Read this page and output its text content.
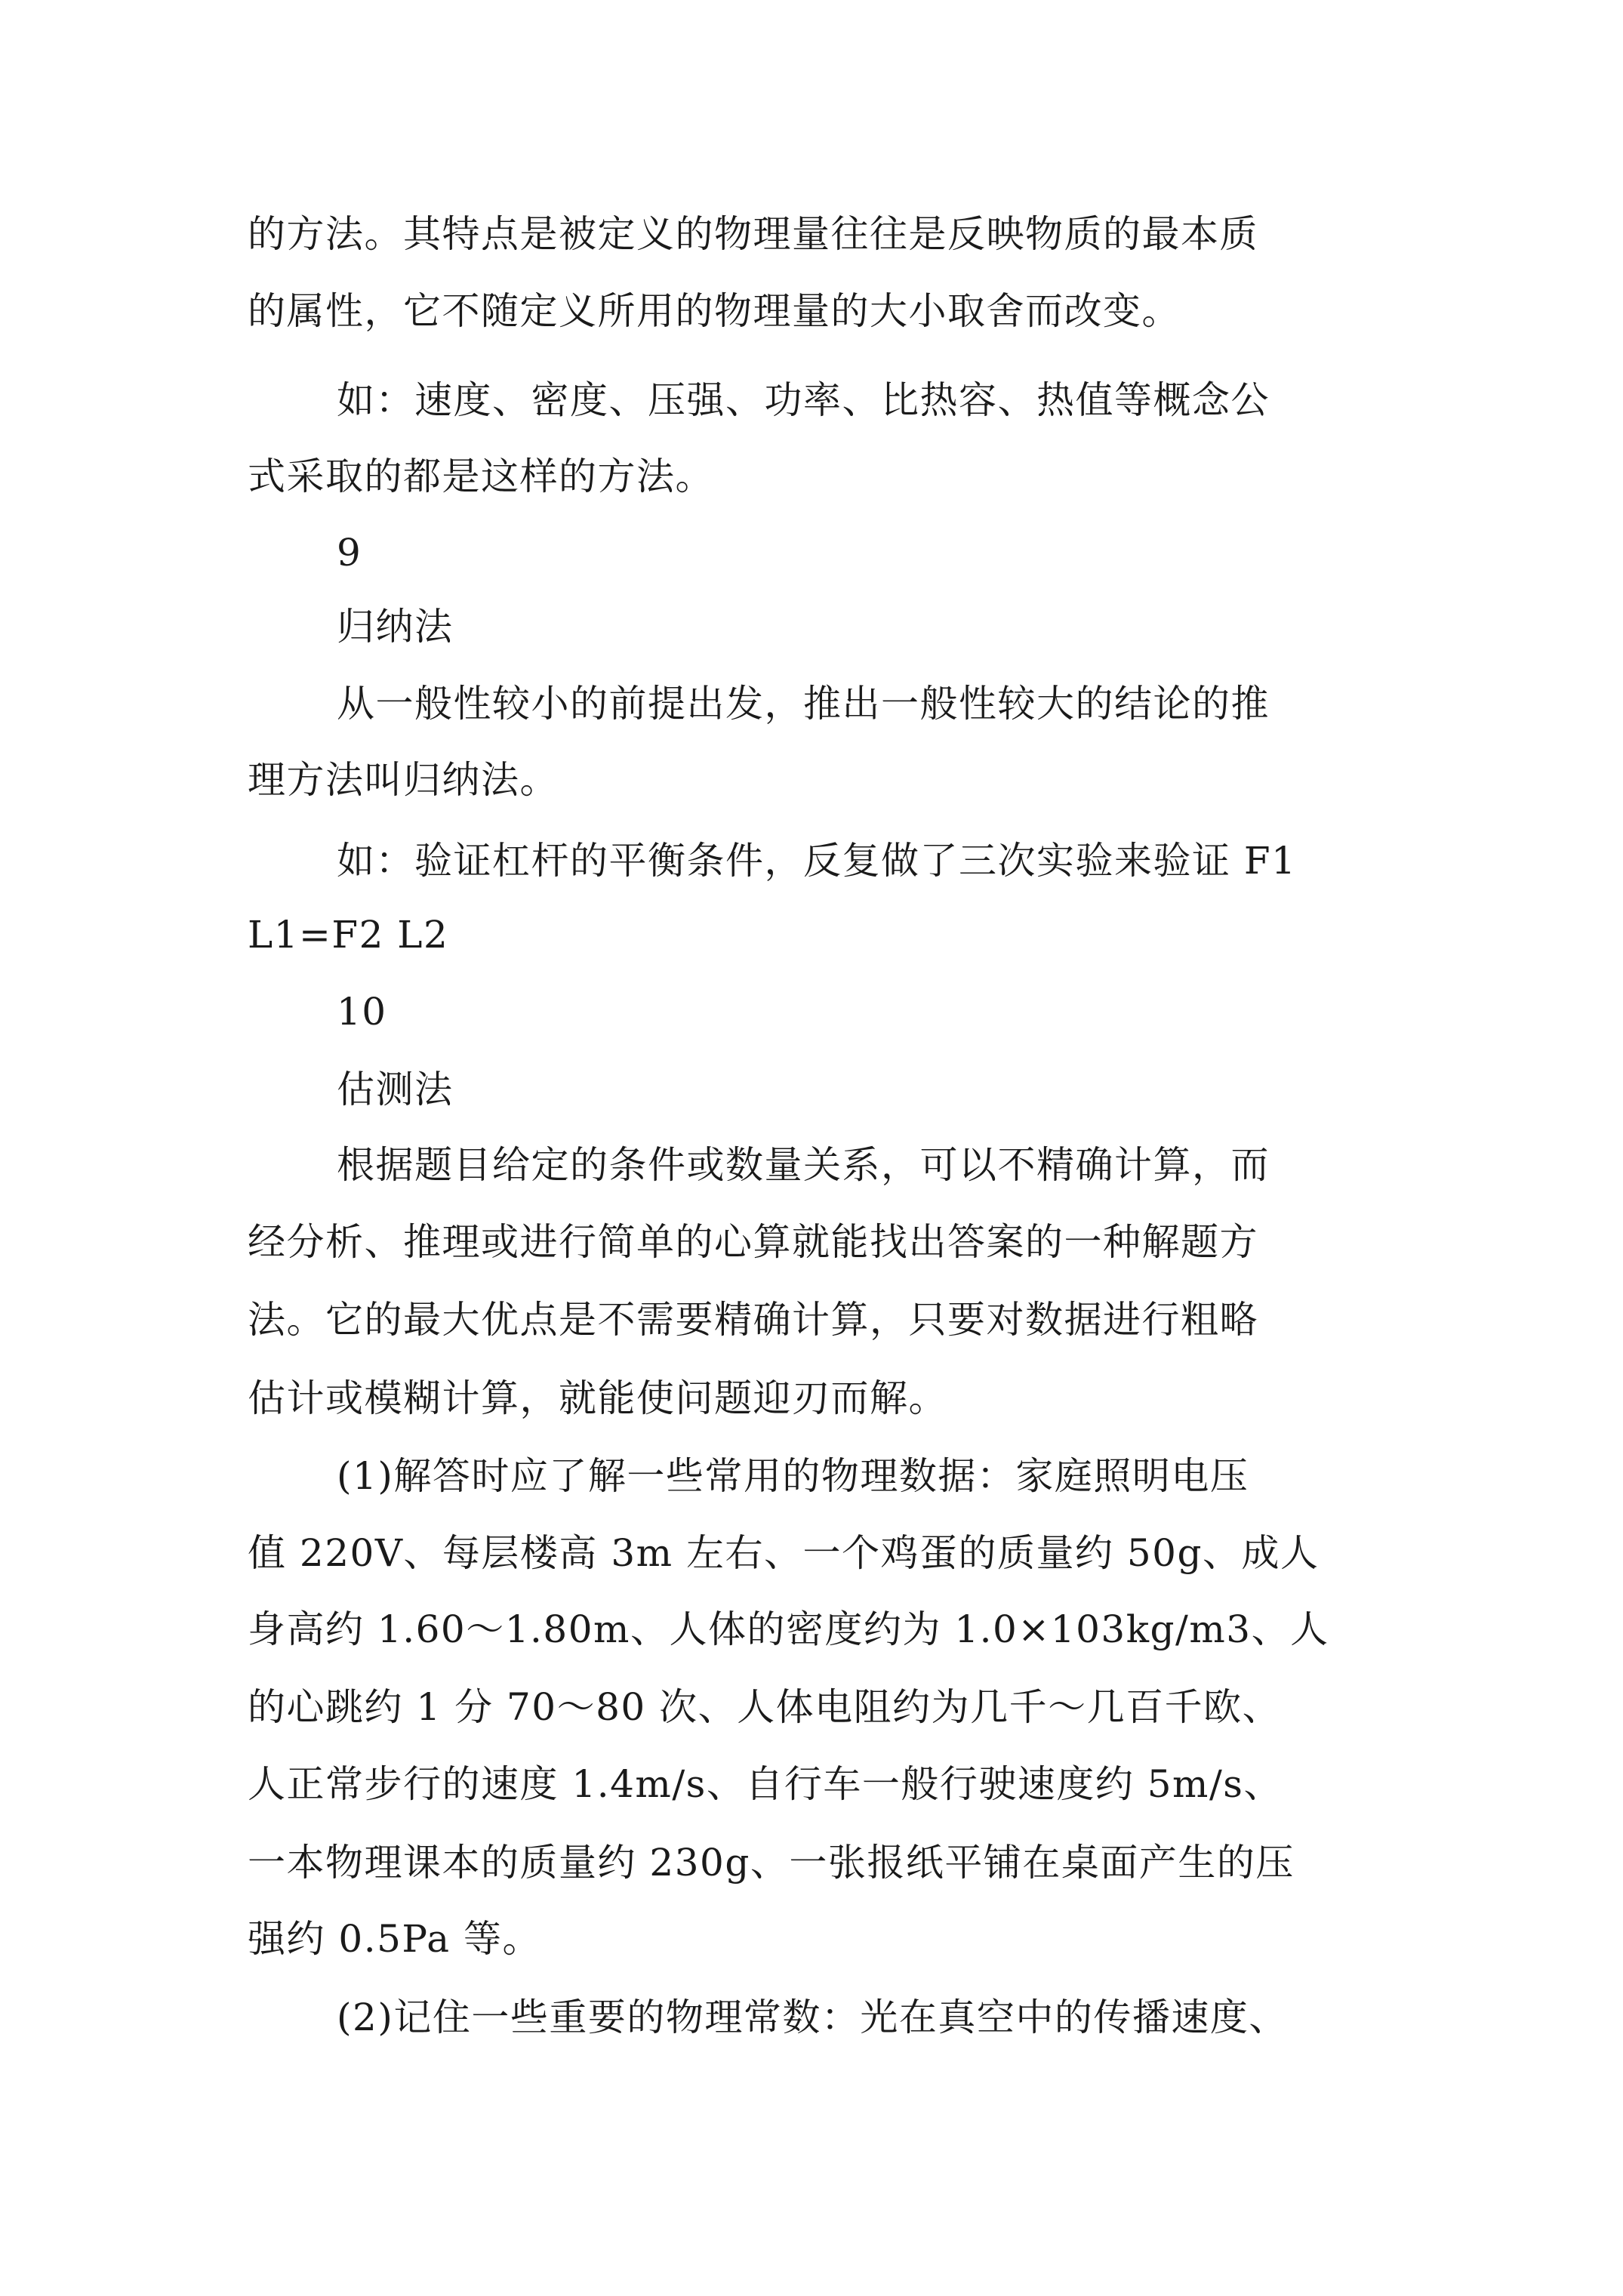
的方法。其特点是被定义的物理量往往是反映物质的最本质
的属性，它不随定义所用的物理量的大小取舍而改变。
如：速度、密度、压强、功率、比热容、热值等概念公
式采取的都是这样的方法。
9
归纳法
从一般性较小的前提出发，推出一般性较大的结论的推
理方法叫归纳法。
如：验证杠杆的平衡条件，反复做了三次实验来验证 F1
L1=F2 L2
10
估测法
根据题目给定的条件或数量关系，可以不精确计算，而
经分析、推理或进行简单的心算就能找出答案的一种解题方
法。它的最大优点是不需要精确计算，只要对数据进行粗略
估计或模糊计算，就能使问题迎刃而解。
(1)解答时应了解一些常用的物理数据：家庭照明电压
值 220V、每层楼高 3m 左右、一个鸡蛋的质量约 50g、成人
身高约 1.60～1.80m、人体的密度约为 1.0×103kg/m3、人
的心跳约 1 分 70～80 次、人体电阻约为几千～几百千欧、
人正常步行的速度 1.4m/s、自行车一般行驶速度约 5m/s、
一本物理课本的质量约 230g、一张报纸平铺在桌面产生的压
强约 0.5Pa 等。
(2)记住一些重要的物理常数：光在真空中的传播速度、
